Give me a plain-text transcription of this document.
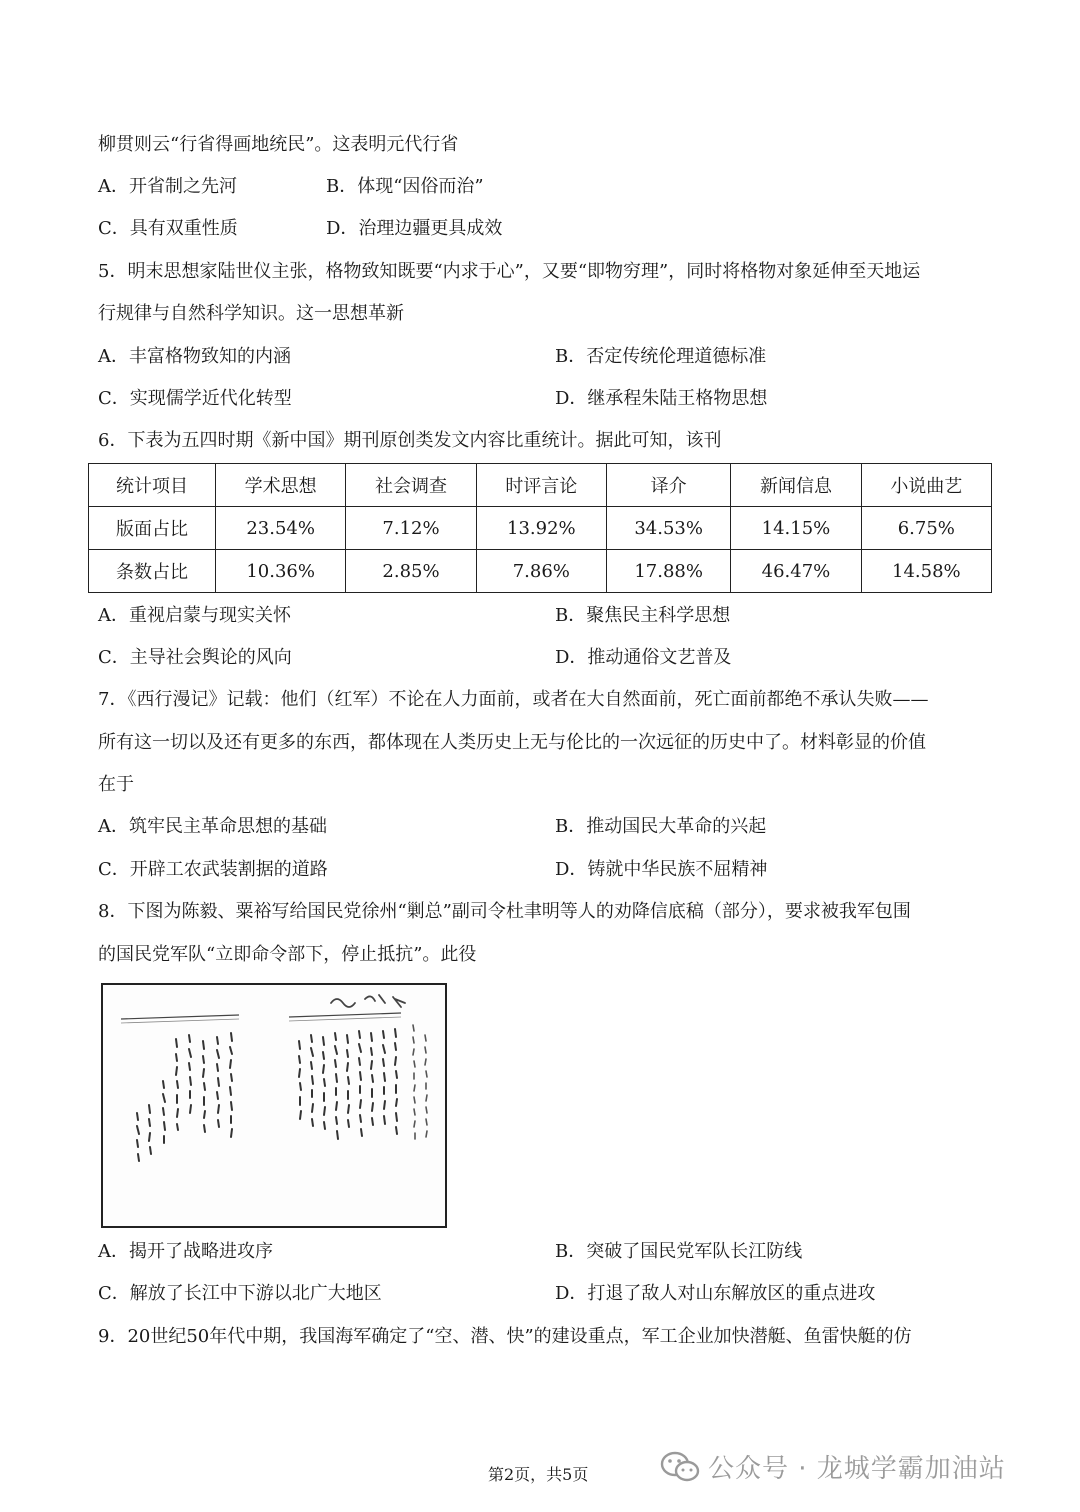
柳贯则云“行省得画地统民”。这表明元代行省
A．开省制之先河	B．体现“因俗而治”
C．具有双重性质	D．治理边疆更具成效
5．明末思想家陆世仪主张，格物致知既要“内求于心”，又要“即物穷理”，同时将格物对象延伸至天地运
行规律与自然科学知识。这一思想革新
A．丰富格物致知的内涵	B．否定传统伦理道德标准
C．实现儒学近代化转型	D．继承程朱陆王格物思想
6．下表为五四时期《新中国》期刊原创类发文内容比重统计。据此可知，该刊
统计项目	学术思想	社会调查	时评言论	译介	新闻信息	小说曲艺
版面占比	23.54%	7.12%	13.92%	34.53%	14.15%	6.75%
条数占比	10.36%	2.85%	7.86%	17.88%	46.47%	14.58%
A．重视启蒙与现实关怀	B．聚焦民主科学思想
C．主导社会舆论的风向	D．推动通俗文艺普及
7．《西行漫记》记载：他们（红军）不论在人力面前，或者在大自然面前，死亡面前都绝不承认失败——
所有这一切以及还有更多的东西，都体现在人类历史上无与伦比的一次远征的历史中了。材料彰显的价值
在于
A．筑牢民主革命思想的基础	B．推动国民大革命的兴起
C．开辟工农武装割据的道路	D．铸就中华民族不屈精神
8．下图为陈毅、粟裕写给国民党徐州“剿总”副司令杜聿明等人的劝降信底稿（部分），要求被我军包围
的国民党军队“立即命令部下，停止抵抗”。此役
A．揭开了战略进攻序	B．突破了国民党军队长江防线
C．解放了长江中下游以北广大地区	D．打退了敌人对山东解放区的重点进攻
9．20世纪50年代中期，我国海军确定了“空、潜、快”的建设重点，军工企业加快潜艇、鱼雷快艇的仿
第2页，共5页	公众号 · 龙城学霸加油站
